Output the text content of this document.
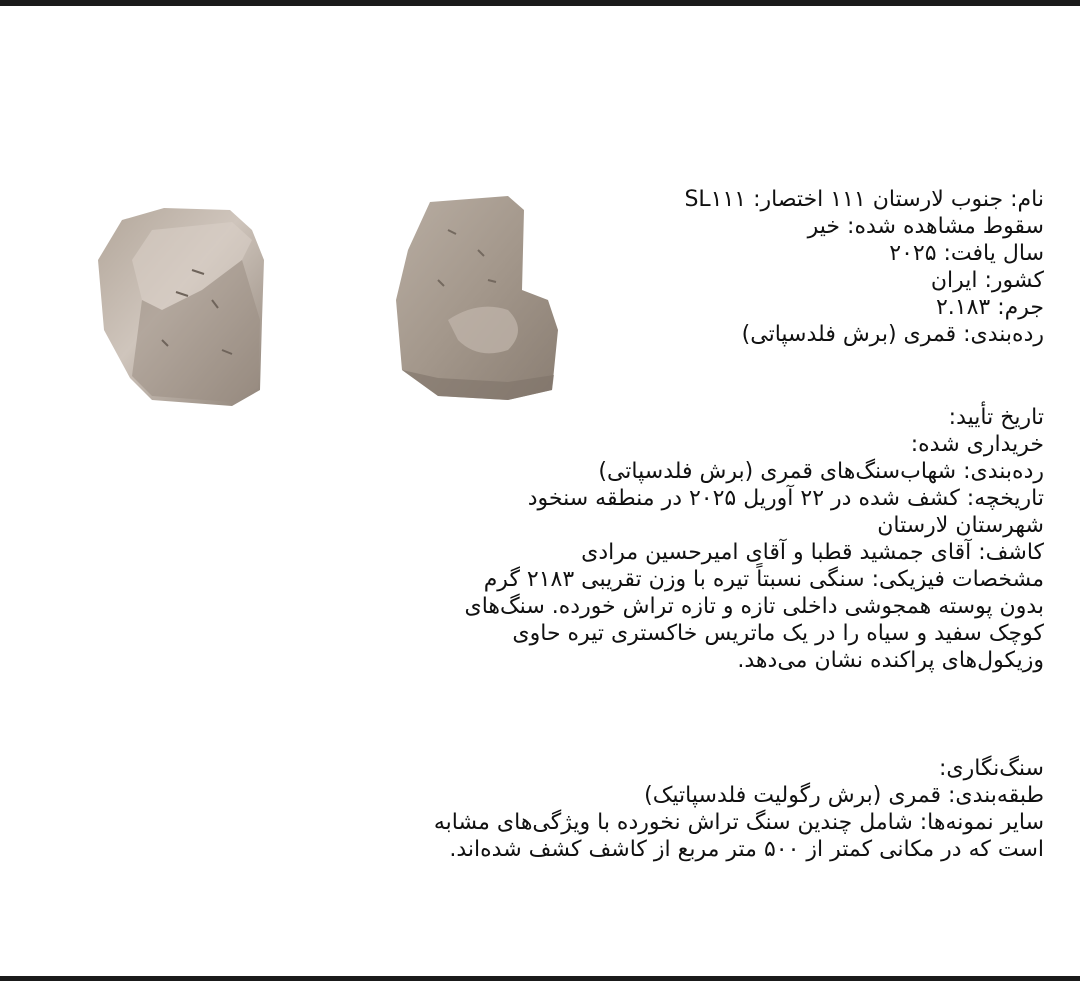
نام: جنوب لارستان ۱۱۱ اختصار: SL۱۱۱
سقوط مشاهده شده: خیر
سال یافت: ۲۰۲۵
کشور: ایران
جرم: ۲.۱۸۳
رده‌بندی: قمری (برش فلدسپاتی)
تاریخ تأیید:
خریداری شده:
رده‌بندی: شهاب‌سنگ‌های قمری (برش فلدسپاتی)
تاریخچه: کشف شده در ۲۲ آوریل ۲۰۲۵ در منطقه سنخود شهرستان لارستان
کاشف: آقای جمشید قطبا و آقای امیرحسین مرادی
مشخصات فیزیکی: سنگی نسبتاً تیره با وزن تقریبی ۲۱۸۳ گرم بدون پوسته همجوشی داخلی تازه و تازه تراش خورده. سنگ‌های کوچک سفید و سیاه را در یک ماتریس خاکستری تیره حاوی وزیکول‌های پراکنده نشان می‌دهد.
سنگ‌نگاری:
طبقه‌بندی: قمری (برش رگولیت فلدسپاتیک)
سایر نمونه‌ها: شامل چندین سنگ تراش نخورده با ویژگی‌های مشابه است که در مکانی کمتر از ۵۰۰ متر مربع از کاشف کشف شده‌اند.
